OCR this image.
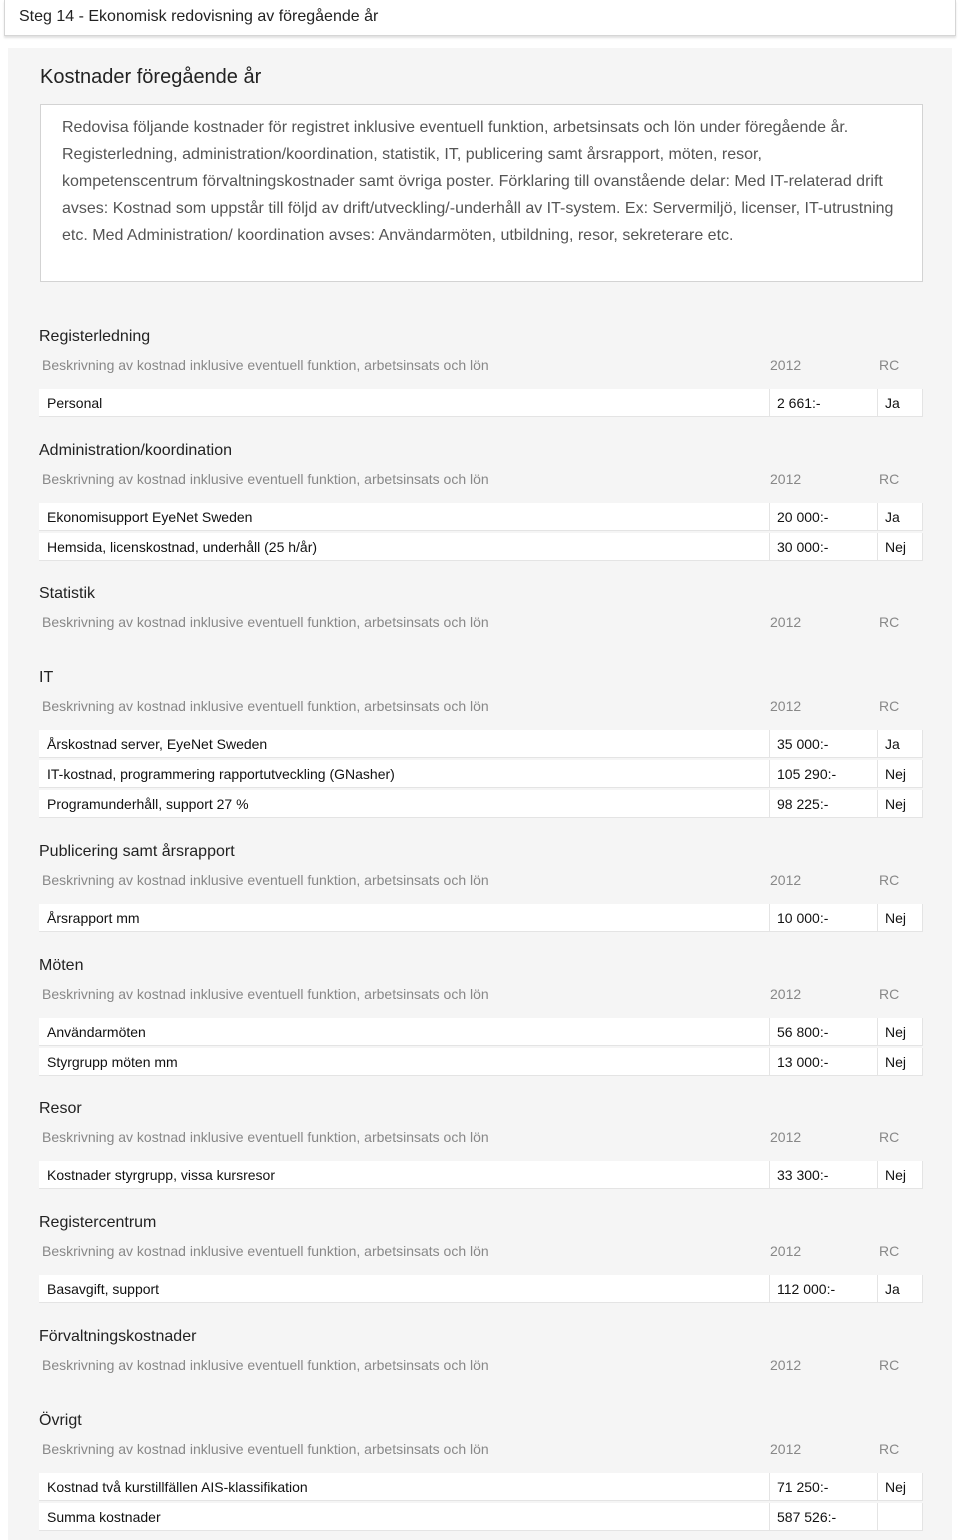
Steg 14 - Ekonomisk redovisning av föregående år
Kostnader föregående år
Redovisa följande kostnader för registret inklusive eventuell funktion, arbetsinsats och lön under föregående år. Registerledning, administration/koordination, statistik, IT, publicering samt årsrapport, möten, resor, kompetenscentrum förvaltningskostnader samt övriga poster. Förklaring till ovanstående delar: Med IT-relaterad drift avses: Kostnad som uppstår till följd av drift/utveckling/-underhåll av IT-system. Ex: Servermiljö, licenser, IT-utrustning etc. Med Administration/ koordination avses: Användarmöten, utbildning, resor, sekreterare etc.
Registerledning
Beskrivning av kostnad inklusive eventuell funktion, arbetsinsats och lön	2012	RC
Personal	2 661:-	Ja
Administration/koordination
Beskrivning av kostnad inklusive eventuell funktion, arbetsinsats och lön	2012	RC
Ekonomisupport EyeNet Sweden	20 000:-	Ja
Hemsida, licenskostnad, underhåll (25 h/år)	30 000:-	Nej
Statistik
Beskrivning av kostnad inklusive eventuell funktion, arbetsinsats och lön	2012	RC
IT
Beskrivning av kostnad inklusive eventuell funktion, arbetsinsats och lön	2012	RC
Årskostnad server, EyeNet Sweden	35 000:-	Ja
IT-kostnad, programmering rapportutveckling (GNasher)	105 290:-	Nej
Programunderhåll, support 27 %	98 225:-	Nej
Publicering samt årsrapport
Beskrivning av kostnad inklusive eventuell funktion, arbetsinsats och lön	2012	RC
Årsrapport mm	10 000:-	Nej
Möten
Beskrivning av kostnad inklusive eventuell funktion, arbetsinsats och lön	2012	RC
Användarmöten	56 800:-	Nej
Styrgrupp möten mm	13 000:-	Nej
Resor
Beskrivning av kostnad inklusive eventuell funktion, arbetsinsats och lön	2012	RC
Kostnader styrgrupp, vissa kursresor	33 300:-	Nej
Registercentrum
Beskrivning av kostnad inklusive eventuell funktion, arbetsinsats och lön	2012	RC
Basavgift, support	112 000:-	Ja
Förvaltningskostnader
Beskrivning av kostnad inklusive eventuell funktion, arbetsinsats och lön	2012	RC
Övrigt
Beskrivning av kostnad inklusive eventuell funktion, arbetsinsats och lön	2012	RC
Kostnad två kurstillfällen AIS-klassifikation	71 250:-	Nej
Summa kostnader	587 526:-
